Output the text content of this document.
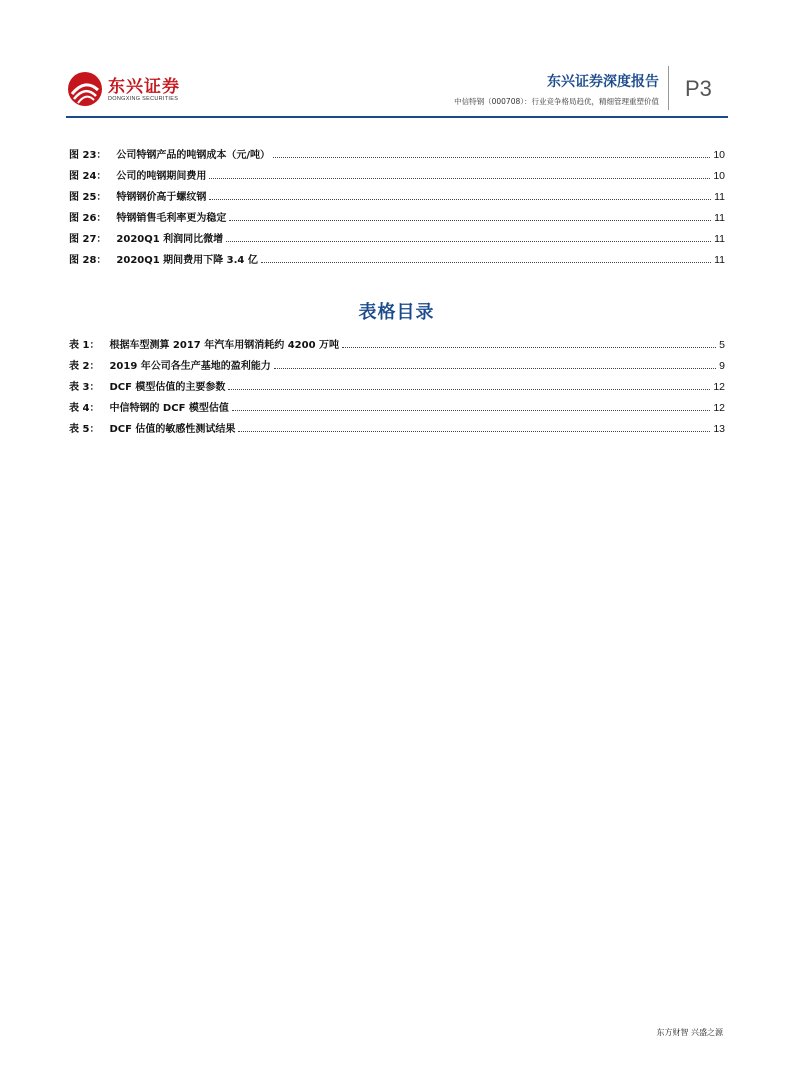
东兴证券
DONGXING SECURITIES
东兴证券深度报告
中信特钢（000708）：行业竞争格局趋优，精细管理重塑价值
P3
图 23： 公司特钢产品的吨钢成本（元/吨）	10
图 24： 公司的吨钢期间费用	10
图 25： 特钢钢价高于螺纹钢	11
图 26： 特钢销售毛利率更为稳定	11
图 27： 2020Q1 利润同比微增	11
图 28： 2020Q1 期间费用下降 3.4 亿	11
表格目录
表 1： 根据车型测算 2017 年汽车用钢消耗约 4200 万吨	5
表 2： 2019 年公司各生产基地的盈利能力	9
表 3： DCF 模型估值的主要参数	12
表 4： 中信特钢的 DCF 模型估值	12
表 5： DCF 估值的敏感性测试结果	13
东方财智 兴盛之源
